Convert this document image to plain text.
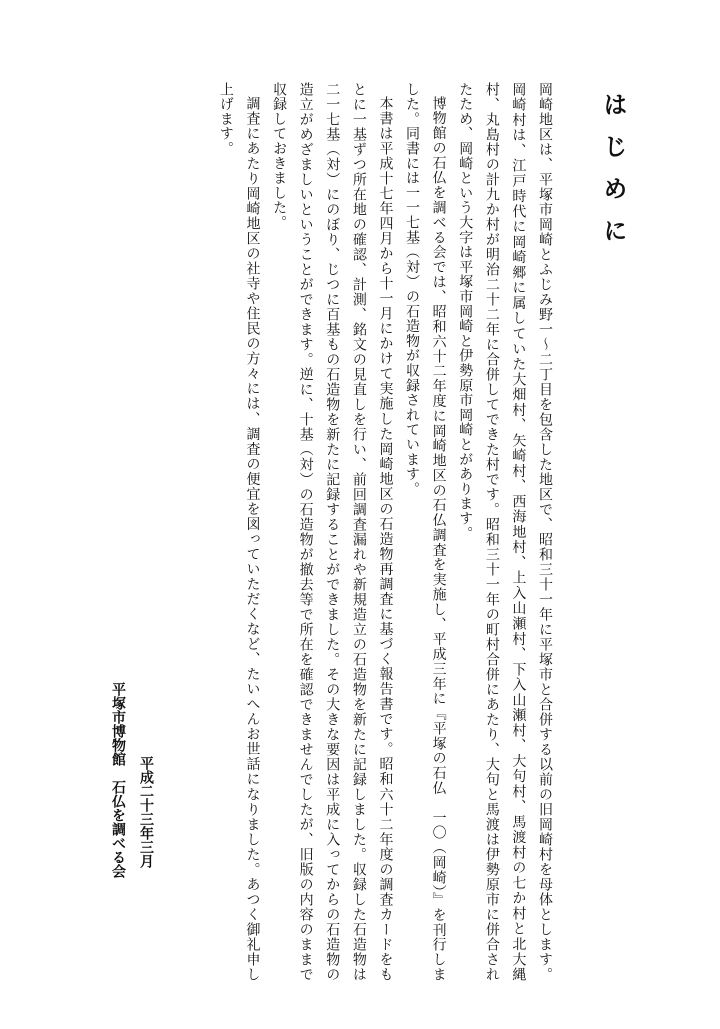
はじめに

岡崎地区は、平塚市岡崎とふじみ野一～二丁目を包含した地区で、昭和三十一年に平塚市と合併する以前の旧岡崎村を母体とします。岡崎村は、江戸時代に岡崎郷に属していた大畑村、矢崎村、西海地村、上入山瀬村、下入山瀬村、大句村、馬渡村の七か村と北大縄村、丸島村の計九か村が明治二十二年に合併してできた村です。昭和三十一年の町村合併にあたり、大句と馬渡は伊勢原市に併合されたため、岡崎という大字は平塚市岡崎と伊勢原市岡崎とがあります。

博物館の石仏を調べる会では、昭和六十二年度に岡崎地区の石仏調査を実施し、平成三年に『平塚の石仏　一〇（岡崎）』を刊行しました。同書には一一七基（対）の石造物が収録されています。

本書は平成十七年四月から十一月にかけて実施した岡崎地区の石造物再調査に基づく報告書です。昭和六十二年度の調査カードをもとに一基ずつ所在地の確認、計測、銘文の見直しを行い、前回調査漏れや新規造立の石造物を新たに記録しました。収録した石造物は二一七基（対）にのぼり、じつに百基もの石造物を新たに記録することができました。その大きな要因は平成に入ってからの石造物の造立がめざましいということができます。逆に、十基（対）の石造物が撤去等で所在を確認できませんでしたが、旧版の内容のままで収録しておきました。

調査にあたり岡崎地区の社寺や住民の方々には、調査の便宜を図っていただくなど、たいへんお世話になりました。あつく御礼申し上げます。

平成二十三年三月
平塚市博物館　石仏を調べる会
